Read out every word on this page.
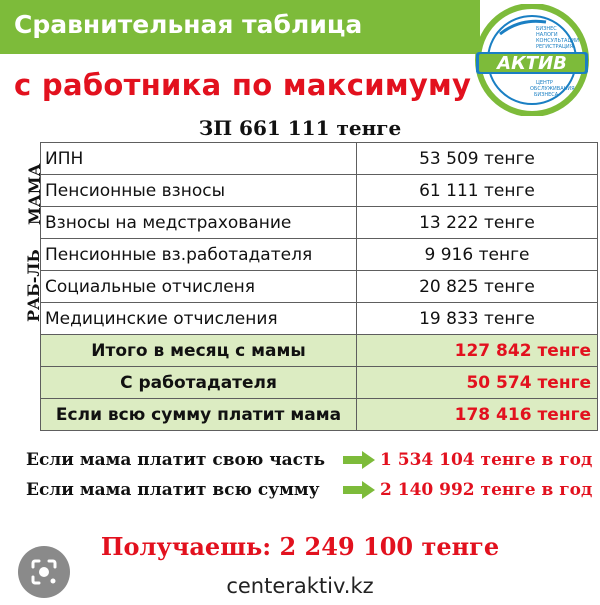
Сравнительная таблица
с работника по максимуму
БИЗНЕС
НАЛОГИ
КОНСУЛЬТАЦИИ
РЕГИСТРАЦИЯ
АКТИВ
ЦЕНТР
ОБСЛУЖИВАНИЯ
БИЗНЕСА
ЗП 661 111 тенге
МАМА
РАБ-ЛЬ
ИПН	53 509 тенге
Пенсионные взносы	61 111 тенге
Взносы на медстрахование	13 222 тенге
Пенсионные вз.работадателя	9 916 тенге
Социальные отчисленя	20 825 тенге
Медицинские отчисления	19 833 тенге
Итого в месяц с мамы	127 842 тенге
С работадателя	50 574 тенге
Если всю сумму платит мама	178 416 тенге
Если мама платит свою часть	1 534 104 тенге в год
Если мама платит всю сумму	2 140 992 тенге в год
Получаешь: 2 249 100 тенге
centeraktiv.kz
